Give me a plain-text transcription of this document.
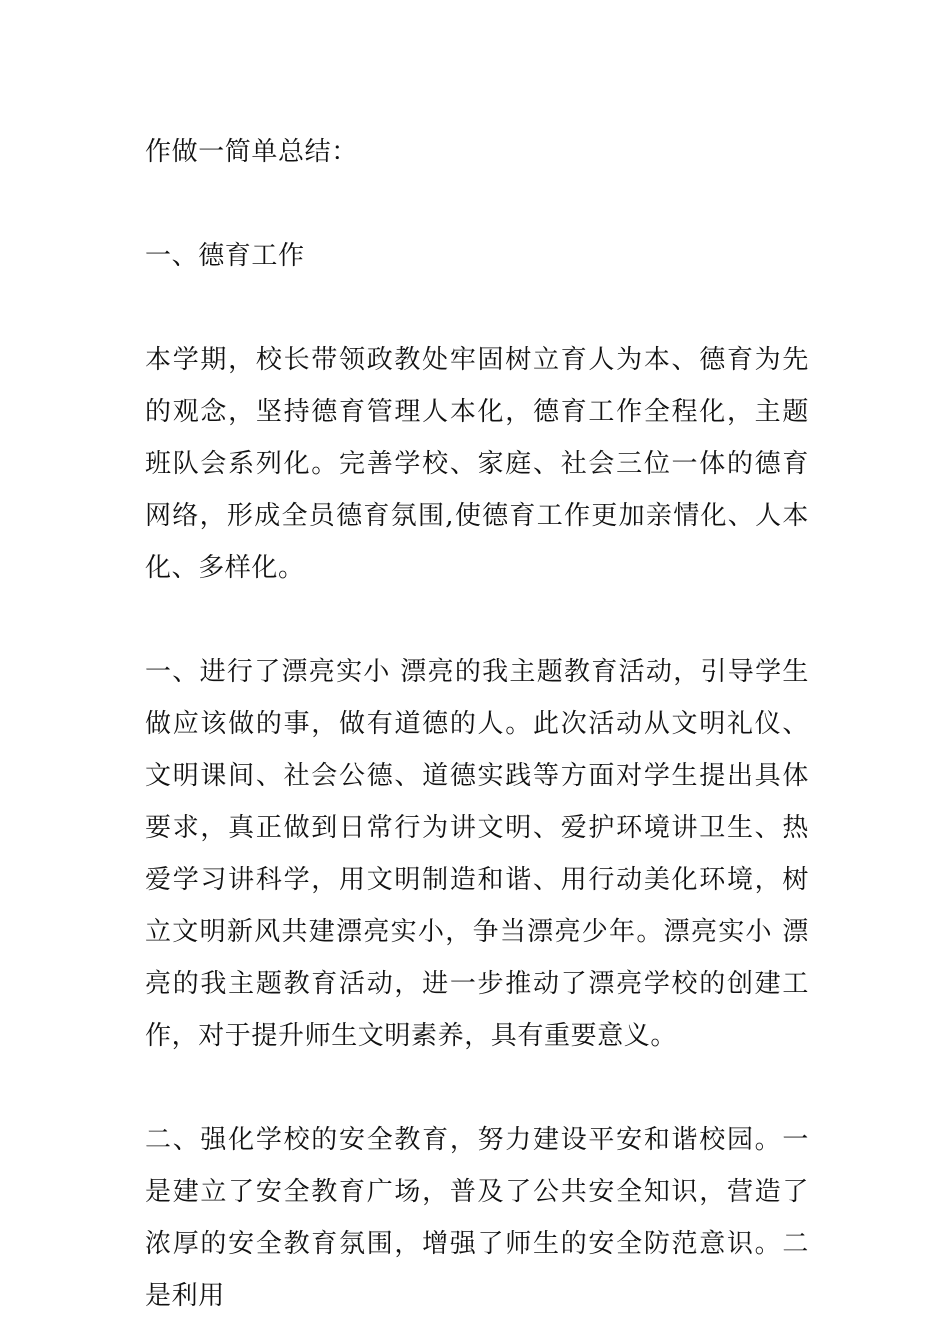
作做一简单总结：

一、德育工作

本学期，校长带领政教处牢固树立育人为本、德育为先的观念，坚持德育管理人本化，德育工作全程化，主题班队会系列化。完善学校、家庭、社会三位一体的德育网络，形成全员德育氛围,使德育工作更加亲情化、人本化、多样化。

一、进行了漂亮实小 漂亮的我主题教育活动，引导学生做应该做的事，做有道德的人。此次活动从文明礼仪、文明课间、社会公德、道德实践等方面对学生提出具体要求，真正做到日常行为讲文明、爱护环境讲卫生、热爱学习讲科学，用文明制造和谐、用行动美化环境，树立文明新风共建漂亮实小，争当漂亮少年。漂亮实小 漂亮的我主题教育活动，进一步推动了漂亮学校的创建工作，对于提升师生文明素养，具有重要意义。

二、强化学校的安全教育，努力建设平安和谐校园。一是建立了安全教育广场，普及了公共安全知识，营造了浓厚的安全教育氛围，增强了师生的安全防范意识。二是利用
